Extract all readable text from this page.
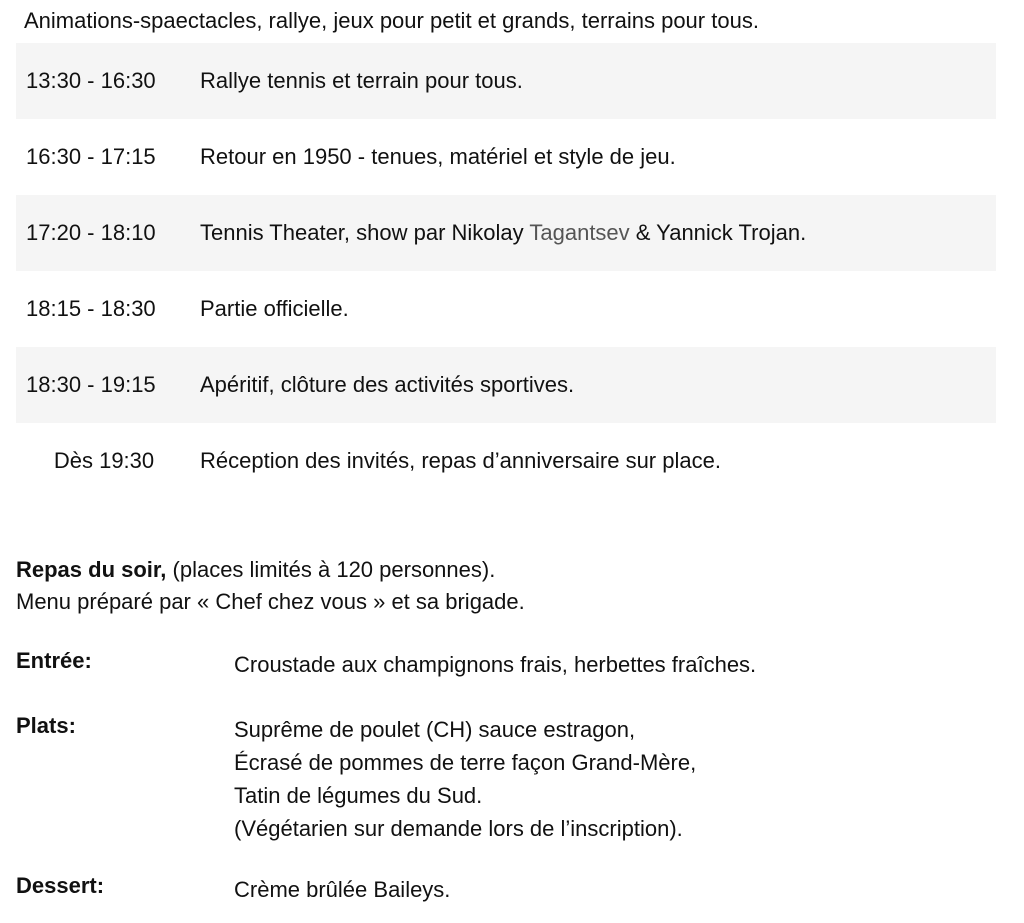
Animations-spaectacles, rallye, jeux pour petit et grands, terrains pour tous.
13:30 - 16:30 Rallye tennis et terrain pour tous.
16:30 - 17:15 Retour en 1950 - tenues, matériel et style de jeu.
17:20 - 18:10 Tennis Theater, show par Nikolay Tagantsev & Yannick Trojan.
18:15 - 18:30 Partie officielle.
18:30 - 19:15 Apéritif, clôture des activités sportives.
Dès 19:30	Réception des invités, repas d’anniversaire sur place.
Repas du soir, (places limités à 120 personnes).
Menu préparé par « Chef chez vous » et sa brigade.
Entrée:	Croustade aux champignons frais, herbettes fraîches.
Plats:	Suprême de poulet (CH) sauce estragon,
Écrasé de pommes de terre façon Grand-Mère,
Tatin de légumes du Sud.
(Végétarien sur demande lors de l’inscription).
Dessert:	Crème brûlée Baileys.
